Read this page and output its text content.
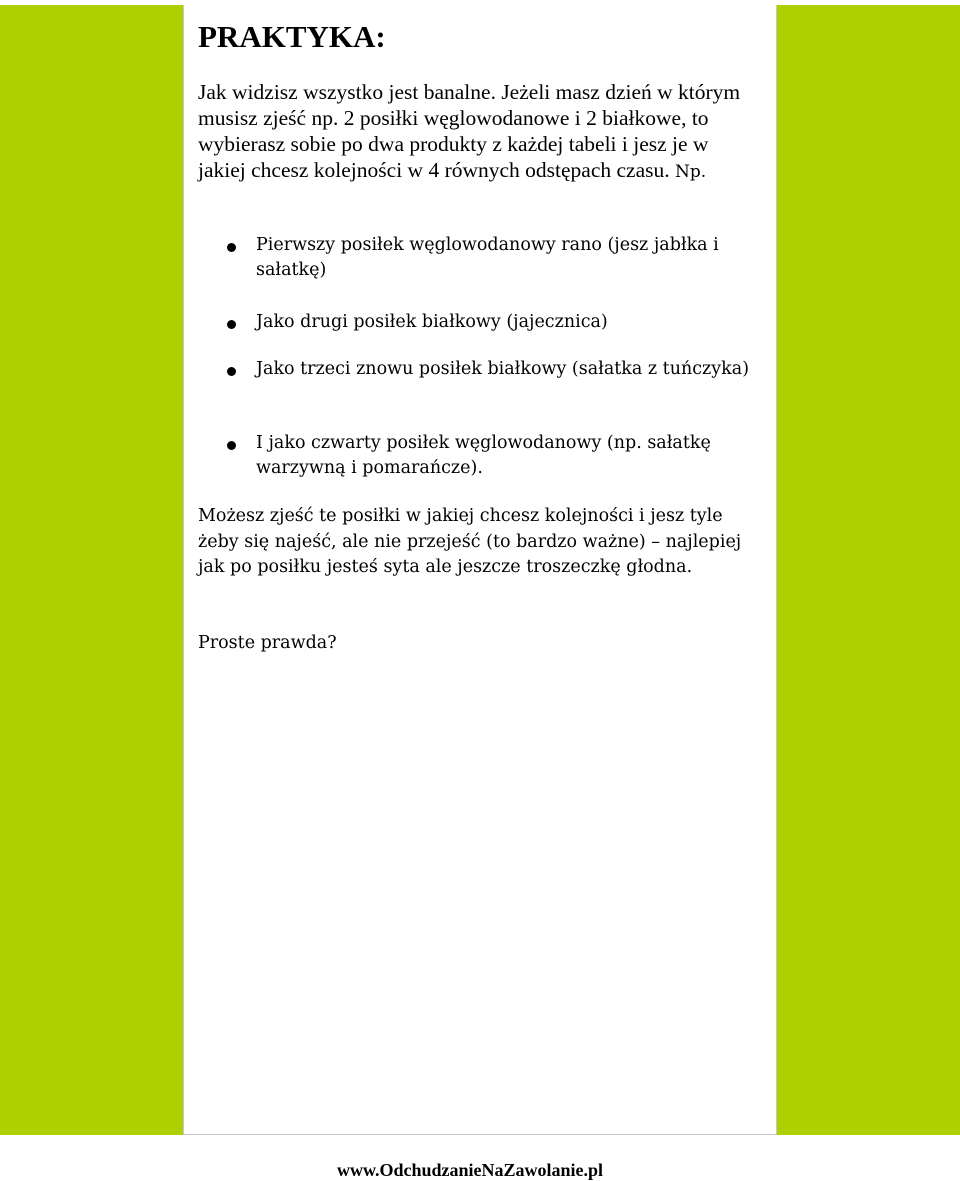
PRAKTYKA:

Jak widzisz wszystko jest banalne. Jeżeli masz dzień w którym musisz zjeść np. 2 posiłki węglowodanowe i 2 białkowe, to wybierasz sobie po dwa produkty z każdej tabeli i jesz je w jakiej chcesz kolejności w 4 równych odstępach czasu. Np.

Pierwszy posiłek węglowodanowy rano (jesz jabłka i sałatkę)
Jako drugi posiłek białkowy (jajecznica)
Jako trzeci znowu posiłek białkowy (sałatka z tuńczyka)
I jako czwarty posiłek węglowodanowy (np. sałatkę warzywną i pomarańcze).

Możesz zjeść te posiłki w jakiej chcesz kolejności i jesz tyle żeby się najeść, ale nie przejeść (to bardzo ważne) – najlepiej jak po posiłku jesteś syta ale jeszcze troszeczkę głodna.

Proste prawda?

www.OdchudzanieNaZawolanie.pl
